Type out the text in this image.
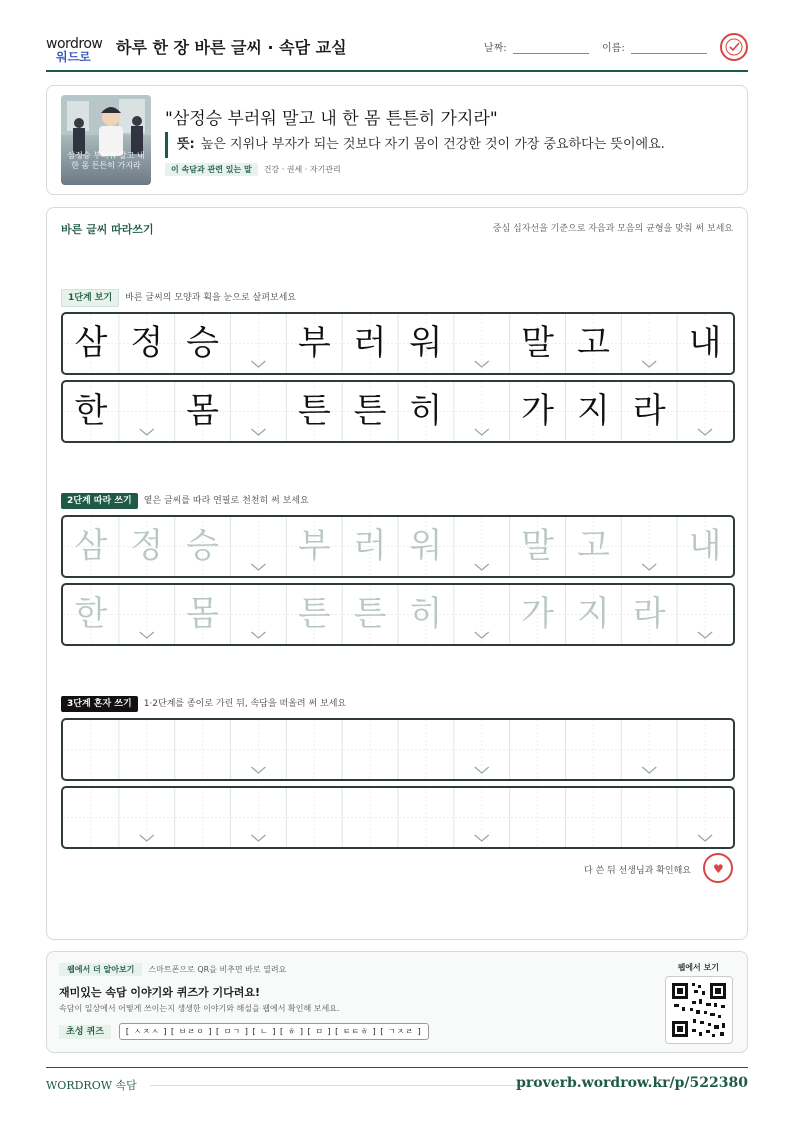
wordrow
워드로 하루 한 장 바른 글씨 · 속담 교실	날짜:	이름:
삼정승 부러워 말고 내 한 몸 튼튼히 가지라
"삼정승 부러워 말고 내 한 몸 튼튼히 가지라"
뜻: 높은 지위나 부자가 되는 것보다 자기 몸이 건강한 것이 가장 중요하다는 뜻이에요.
이 속담과 관련 있는 말 건강 · 권세 · 자기관리
바른 글씨 따라쓰기	중심 십자선을 기준으로 자음과 모음의 균형을 맞춰 써 보세요
1단계 보기 바른 글씨의 모양과 획을 눈으로 살펴보세요
삼 정 승	부 러 워	말 고	내
한	몸	튼 튼 히	가 지 라
2단계 따라 쓰기 옅은 글씨를 따라 연필로 천천히 써 보세요
삼 정 승	부 러 워	말 고	내
한	몸	튼 튼 히	가 지 라
3단계 혼자 쓰기 1·2단계를 종이로 가린 뒤, 속담을 떠올려 써 보세요
다 쓴 뒤 선생님과 확인해요 ♥
웹에서 더 알아보기 스마트폰으로 QR을 비추면 바로 열려요
재미있는 속담 이야기와 퀴즈가 기다려요!
속담이 일상에서 어떻게 쓰이는지 생생한 이야기와 해설을 웹에서 확인해 보세요.
초성 퀴즈	[ ㅅㅈㅅ ] [ ㅂㄹㅇ ] [ ㅁㄱ ] [ ㄴ ] [ ㅎ ] [ ㅁ ] [ ㅌㅌㅎ ] [ ㄱㅈㄹ ]
웹에서 보기
WORDROW 속담	proverb.wordrow.kr/p/522380
